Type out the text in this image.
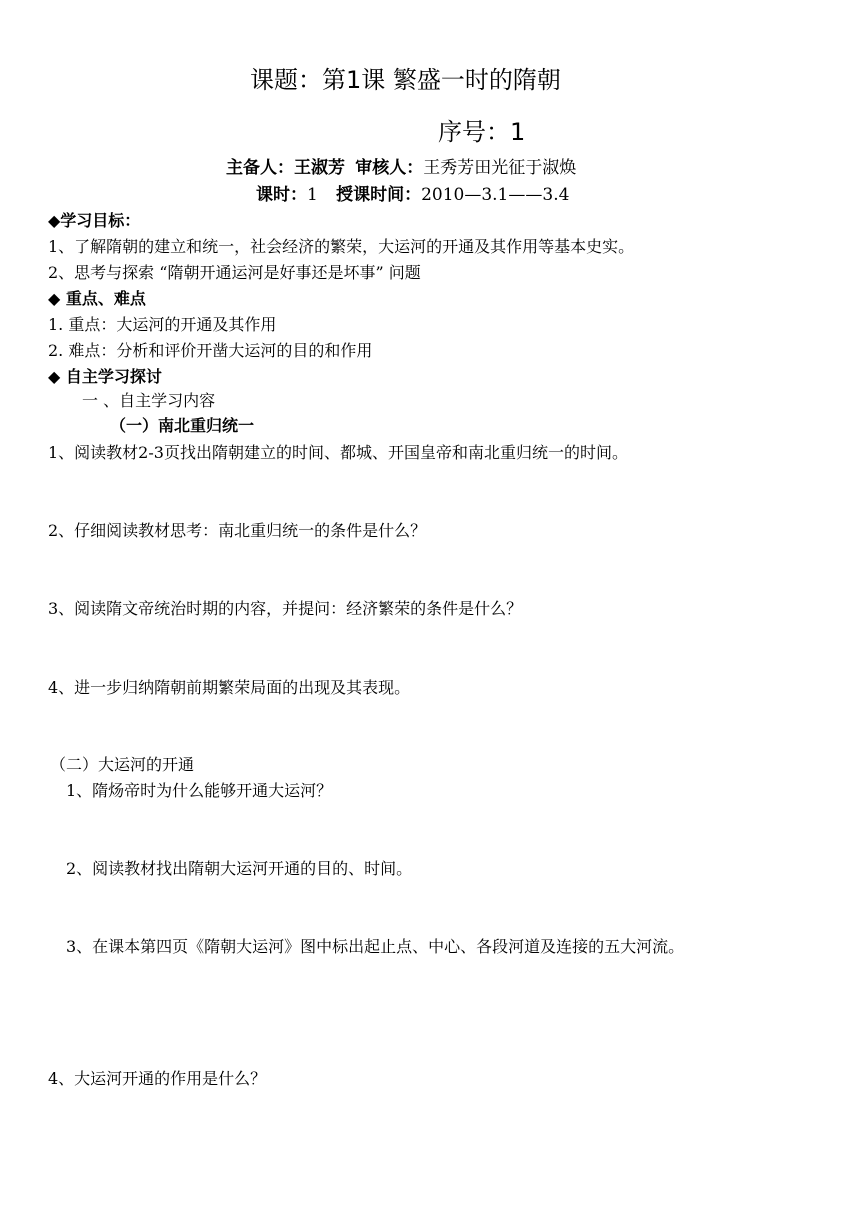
课题：第1课 繁盛一时的隋朝
序号：1
主备人：王淑芳 审核人：王秀芳田光征于淑焕
课时：1 授课时间：2010—3.1——3.4
◆学习目标：
1、了解隋朝的建立和统一，社会经济的繁荣，大运河的开通及其作用等基本史实。
2、思考与探索 “隋朝开通运河是好事还是坏事” 问题
◆ 重点、难点
1. 重点：大运河的开通及其作用
2. 难点：分析和评价开凿大运河的目的和作用
◆ 自主学习探讨
一 、自主学习内容
（一）南北重归统一
1、阅读教材2-3页找出隋朝建立的时间、都城、开国皇帝和南北重归统一的时间。
2、仔细阅读教材思考：南北重归统一的条件是什么？
3、阅读隋文帝统治时期的内容，并提问：经济繁荣的条件是什么？
4、进一步归纳隋朝前期繁荣局面的出现及其表现。
（二）大运河的开通
1、隋炀帝时为什么能够开通大运河？
2、阅读教材找出隋朝大运河开通的目的、时间。
3、在课本第四页《隋朝大运河》图中标出起止点、中心、各段河道及连接的五大河流。
4、大运河开通的作用是什么？
